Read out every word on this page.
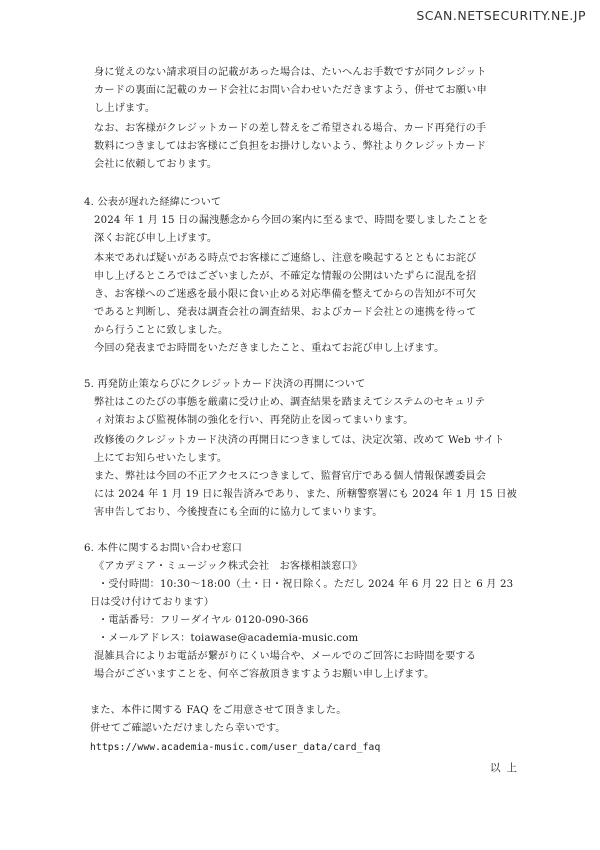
SCAN.NETSECURITY.NE.JP
身に覚えのない請求項目の記載があった場合は、たいへんお手数ですが同クレジット
カードの裏面に記載のカード会社にお問い合わせいただきますよう、併せてお願い申
し上げます。
なお、お客様がクレジットカードの差し替えをご希望される場合、カード再発行の手
数料につきましてはお客様にご負担をお掛けしないよう、弊社よりクレジットカード
会社に依頼しております。
4. 公表が遅れた経緯について
2024 年 1 月 15 日の漏洩懸念から今回の案内に至るまで、時間を要しましたことを
深くお詫び申し上げます。
本来であれば疑いがある時点でお客様にご連絡し、注意を喚起するとともにお詫び
申し上げるところではございましたが、不確定な情報の公開はいたずらに混乱を招
き、お客様へのご迷惑を最小限に食い止める対応準備を整えてからの告知が不可欠
であると判断し、発表は調査会社の調査結果、およびカード会社との連携を待って
から行うことに致しました。
今回の発表までお時間をいただきましたこと、重ねてお詫び申し上げます。
5. 再発防止策ならびにクレジットカード決済の再開について
弊社はこのたびの事態を厳粛に受け止め、調査結果を踏まえてシステムのセキュリテ
ィ対策および監視体制の強化を行い、再発防止を図ってまいります。
改修後のクレジットカード決済の再開日につきましては、決定次第、改めて Web サイト
上にてお知らせいたします。
また、弊社は今回の不正アクセスにつきまして、監督官庁である個人情報保護委員会
には 2024 年 1 月 19 日に報告済みであり、また、所轄警察署にも 2024 年 1 月 15 日被
害申告しており、今後捜査にも全面的に協力してまいります。
6. 本件に関するお問い合わせ窓口
《アカデミア・ミュージック株式会社　お客様相談窓口》
・受付時間：10:30～18:00（土・日・祝日除く。ただし 2024 年 6 月 22 日と 6 月 23
日は受け付けております）
・電話番号：フリーダイヤル 0120-090-366
・メールアドレス：toiawase@academia-music.com
混雑具合によりお電話が繋がりにくい場合や、メールでのご回答にお時間を要する
場合がございますことを、何卒ご容赦頂きますようお願い申し上げます。
また、本件に関する FAQ をご用意させて頂きました。
併せてご確認いただけましたら幸いです。
https://www.academia-music.com/user_data/card_faq
以上
